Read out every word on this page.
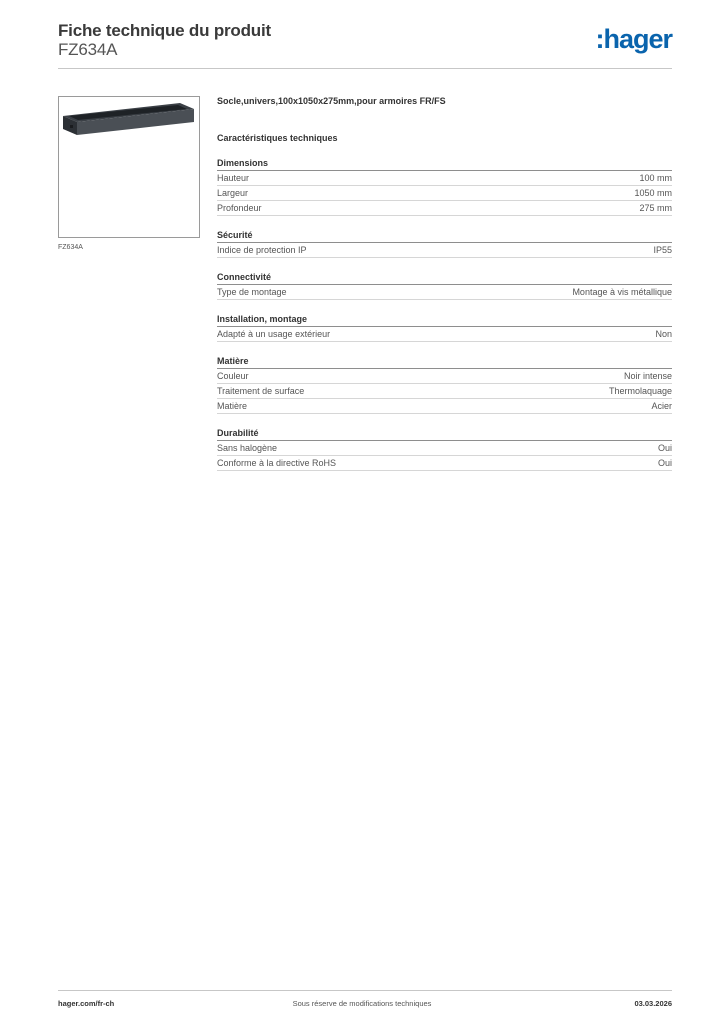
Fiche technique du produit
FZ634A	:hager
FZ634A
Socle,univers,100x1050x275mm,pour armoires FR/FS
Caractéristiques techniques
Dimensions
Hauteur	100 mm
Largeur	1050 mm
Profondeur	275 mm
Sécurité
Indice de protection IP	IP55
Connectivité
Type de montage	Montage à vis métallique
Installation, montage
Adapté à un usage extérieur	Non
Matière
Couleur	Noir intense
Traitement de surface	Thermolaquage
Matière	Acier
Durabilité
Sans halogène	Oui
Conforme à la directive RoHS	Oui
hager.com/fr-ch	Sous réserve de modifications techniques	03.03.2026
